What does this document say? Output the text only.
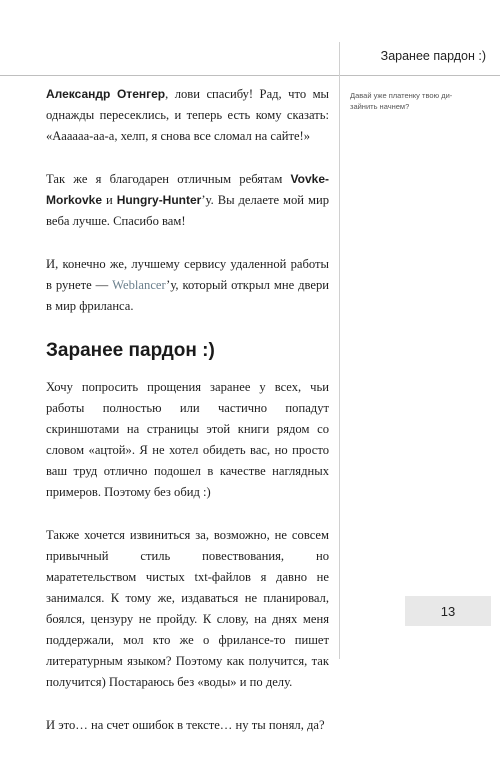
Заранее пардон :)
Давай уже платенку твою ди-зайнить начнем?

Александр Отенгер, лови спасибу! Рад, что мы однажды пересеклись, и теперь есть кому сказать: «Аааааа-аа-а, хелп, я снова все сломал на сайте!»

Так же я благодарен отличным ребятам Vovke-Morkovke и Hungry-Hunter’у. Вы делаете мой мир веба лучше. Спасибо вам!

И, конечно же, лучшему сервису удаленной работы в рунете — Weblancer’у, который открыл мне двери в мир фриланса.

Заранее пардон :)

Хочу попросить прощения заранее у всех, чьи работы полностью или частично попадут скриншотами на страницы этой книги рядом со словом «ацтой». Я не хотел обидеть вас, но просто ваш труд отлично подошел в качестве наглядных примеров. Поэтому без обид :)

Также хочется извиниться за, возможно, не совсем привычный стиль повествования, но маратетельством чистых txt-файлов я давно не занимался. К тому же, издаваться не планировал, боялся, цензуру не пройду. К слову, на днях меня поддержали, мол кто же о фрилансе-то пишет литературным языком? Поэтому как получится, так получится) Постараюсь без «воды» и по делу.

И это… на счет ошибок в тексте… ну ты понял, да?

13
